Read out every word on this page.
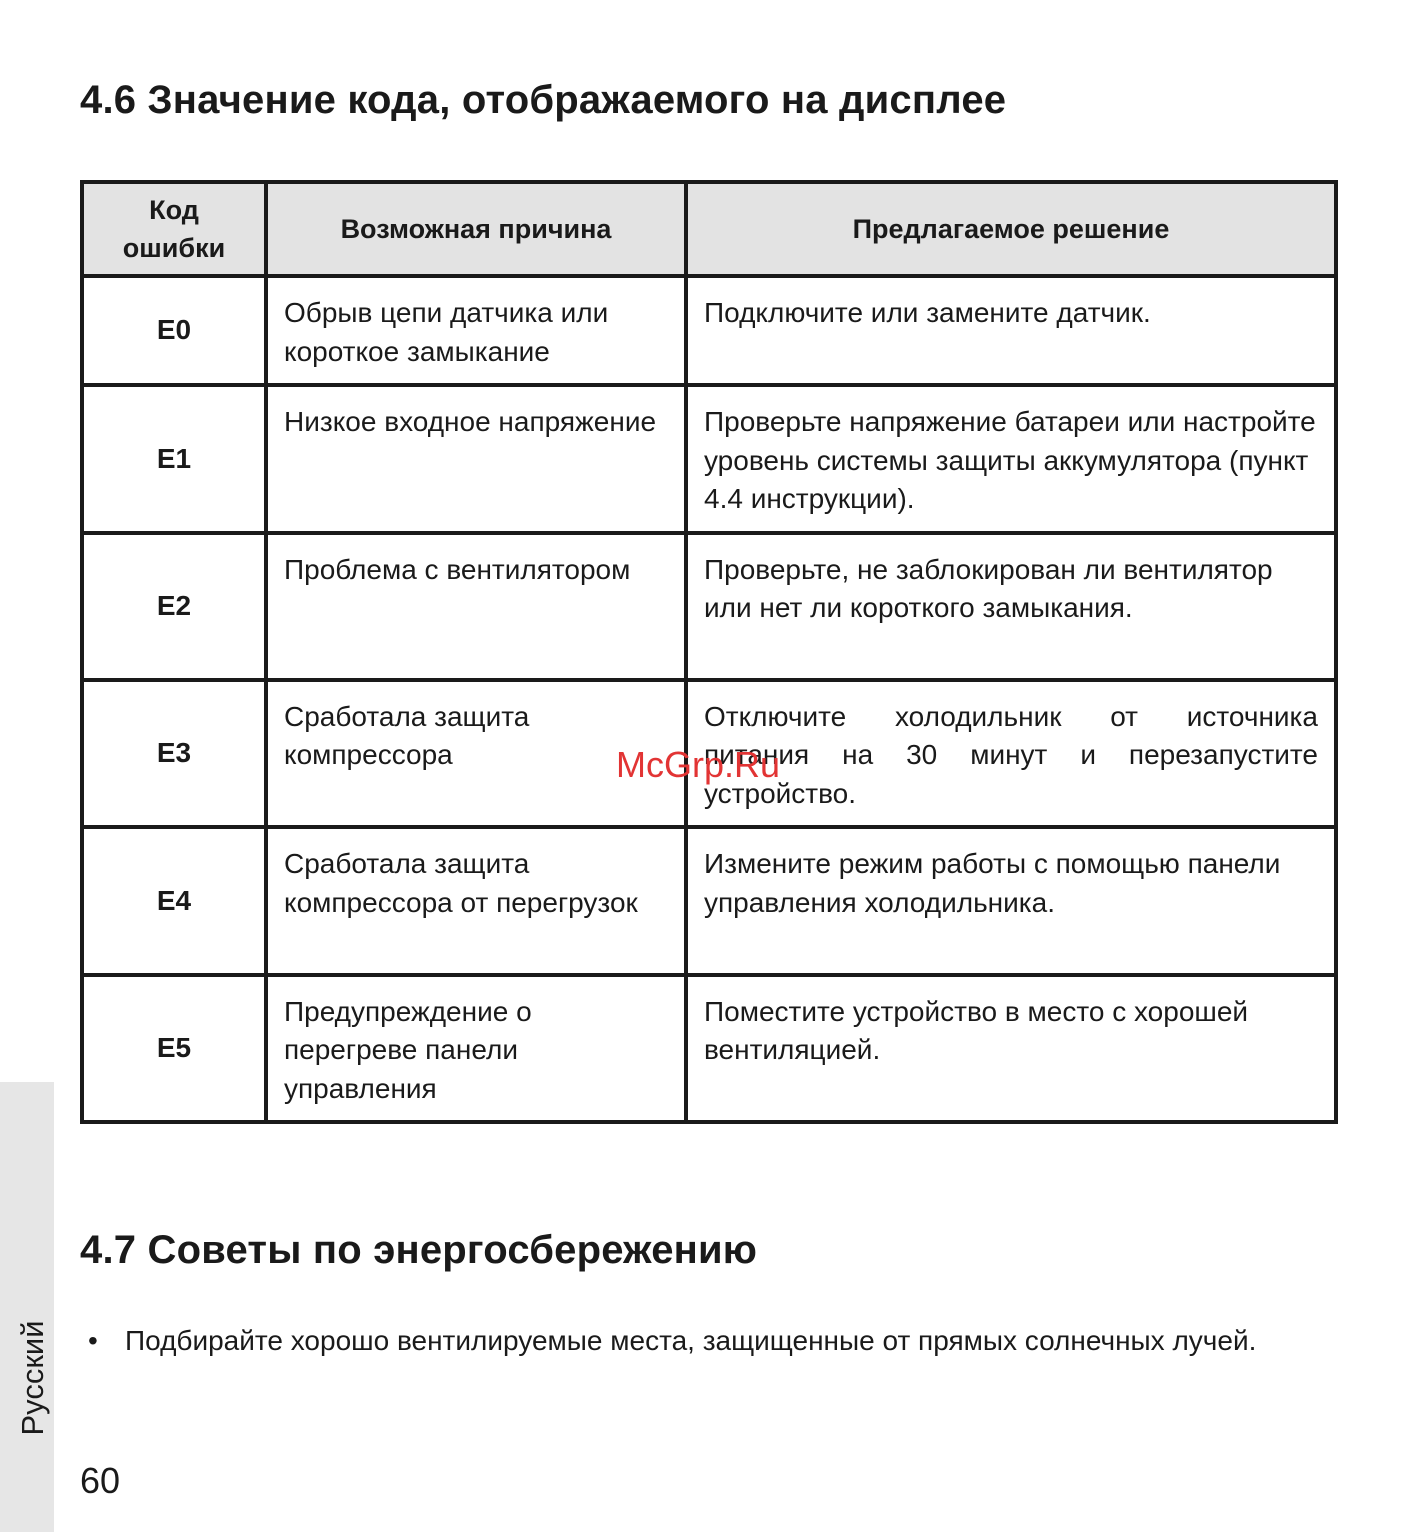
4.6 Значение кода, отображаемого на дисплее
Код
ошибки	Возможная причина	Предлагаемое решение
E0	Обрыв цепи датчика или короткое замыкание	Подключите или замените датчик.
E1	Низкое входное напряжение	Проверьте напряжение батареи или настройте уровень системы защиты аккумулятора (пункт 4.4 инструкции).
E2	Проблема с вентилятором	Проверьте, не заблокирован ли вентилятор или нет ли короткого замыкания.
E3	Сработала защита компрессора	Отключите холодильник от источника
питания на 30 минут и перезапустите
устройство.

E4	Сработала защита компрессора от перегрузок	Измените режим работы с помощью панели управления холодильника.
E5	Предупреждение о перегреве панели управления	Поместите устройство в место с хорошей вентиляцией.
McGrp.Ru
4.7 Советы по энергосбережению
• Подбирайте хорошо вентилируемые места, защищенные от прямых солнечных лучей.
Русский
60
